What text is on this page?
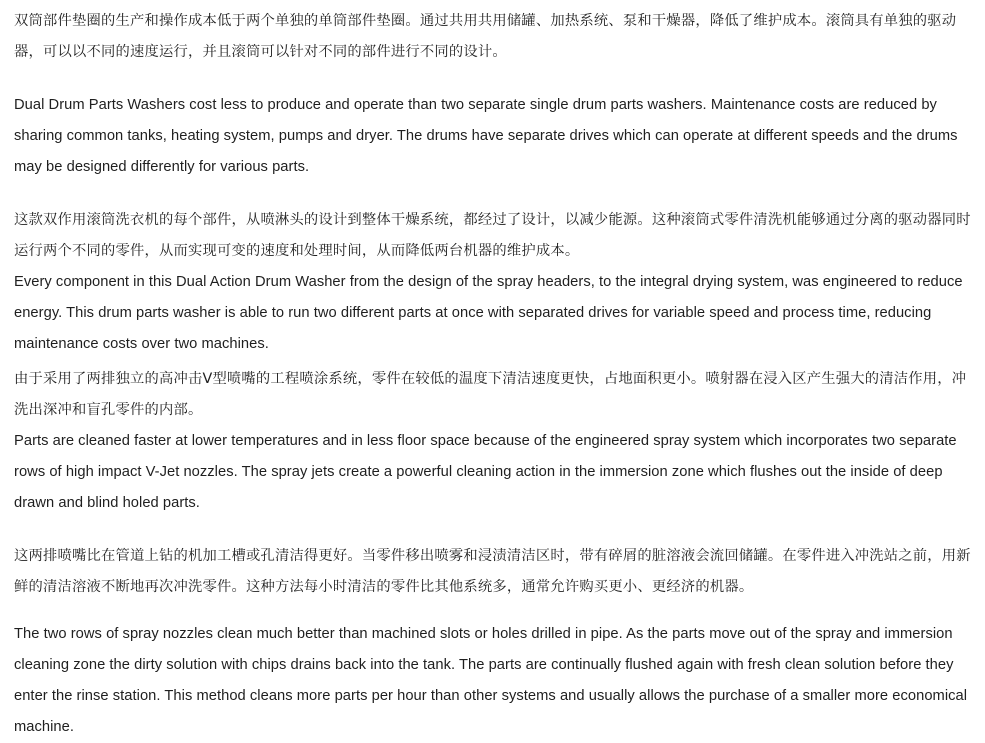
双筒部件垫圈的生产和操作成本低于两个单独的单筒部件垫圈。通过共用共用储罐、加热系统、泵和干燥器，降低了维护成本。滚筒具有单独的驱动器，可以以不同的速度运行，并且滚筒可以针对不同的部件进行不同的设计。

Dual Drum Parts Washers cost less to produce and operate than two separate single drum parts washers. Maintenance costs are reduced by sharing common tanks, heating system, pumps and dryer. The drums have separate drives which can operate at different speeds and the drums may be designed differently for various parts.

这款双作用滚筒洗衣机的每个部件，从喷淋头的设计到整体干燥系统，都经过了设计，以减少能源。这种滚筒式零件清洗机能够通过分离的驱动器同时运行两个不同的零件，从而实现可变的速度和处理时间，从而降低两台机器的维护成本。

Every component in this Dual Action Drum Washer from the design of the spray headers, to the integral drying system, was engineered to reduce energy. This drum parts washer is able to run two different parts at once with separated drives for variable speed and process time, reducing maintenance costs over two machines.

由于采用了两排独立的高冲击V型喷嘴的工程喷涂系统，零件在较低的温度下清洁速度更快，占地面积更小。喷射器在浸入区产生强大的清洁作用，冲洗出深冲和盲孔零件的内部。

Parts are cleaned faster at lower temperatures and in less floor space because of the engineered spray system which incorporates two separate rows of high impact V-Jet nozzles. The spray jets create a powerful cleaning action in the immersion zone which flushes out the inside of deep drawn and blind holed parts.

这两排喷嘴比在管道上钻的机加工槽或孔清洁得更好。当零件移出喷雾和浸渍清洁区时，带有碎屑的脏溶液会流回储罐。在零件进入冲洗站之前，用新鲜的清洁溶液不断地再次冲洗零件。这种方法每小时清洁的零件比其他系统多，通常允许购买更小、更经济的机器。

The two rows of spray nozzles clean much better than machined slots or holes drilled in pipe. As the parts move out of the spray and immersion cleaning zone the dirty solution with chips drains back into the tank. The parts are continually flushed again with fresh clean solution before they enter the rinse station. This method cleans more parts per hour than other systems and usually allows the purchase of a smaller more economical machine.
